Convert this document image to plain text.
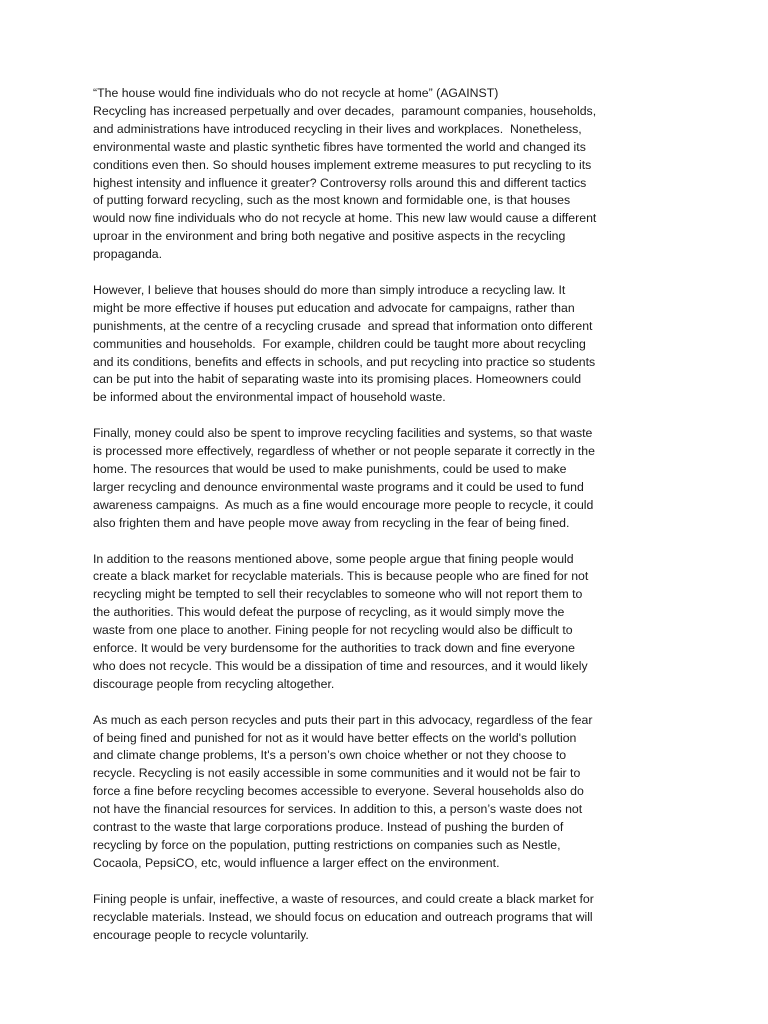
“The house would fine individuals who do not recycle at home” (AGAINST)
Recycling has increased perpetually and over decades,  paramount companies, households,
and administrations have introduced recycling in their lives and workplaces.  Nonetheless,
environmental waste and plastic synthetic fibres have tormented the world and changed its
conditions even then. So should houses implement extreme measures to put recycling to its
highest intensity and influence it greater? Controversy rolls around this and different tactics
of putting forward recycling, such as the most known and formidable one, is that houses
would now fine individuals who do not recycle at home. This new law would cause a different
uproar in the environment and bring both negative and positive aspects in the recycling
propaganda.
However, I believe that houses should do more than simply introduce a recycling law. It
might be more effective if houses put education and advocate for campaigns, rather than
punishments, at the centre of a recycling crusade  and spread that information onto different
communities and households.  For example, children could be taught more about recycling
and its conditions, benefits and effects in schools, and put recycling into practice so students
can be put into the habit of separating waste into its promising places. Homeowners could
be informed about the environmental impact of household waste.
Finally, money could also be spent to improve recycling facilities and systems, so that waste
is processed more effectively, regardless of whether or not people separate it correctly in the
home. The resources that would be used to make punishments, could be used to make
larger recycling and denounce environmental waste programs and it could be used to fund
awareness campaigns.  As much as a fine would encourage more people to recycle, it could
also frighten them and have people move away from recycling in the fear of being fined.
In addition to the reasons mentioned above, some people argue that fining people would
create a black market for recyclable materials. This is because people who are fined for not
recycling might be tempted to sell their recyclables to someone who will not report them to
the authorities. This would defeat the purpose of recycling, as it would simply move the
waste from one place to another. Fining people for not recycling would also be difficult to
enforce. It would be very burdensome for the authorities to track down and fine everyone
who does not recycle. This would be a dissipation of time and resources, and it would likely
discourage people from recycling altogether.
As much as each person recycles and puts their part in this advocacy, regardless of the fear
of being fined and punished for not as it would have better effects on the world's pollution
and climate change problems, It's a person’s own choice whether or not they choose to
recycle. Recycling is not easily accessible in some communities and it would not be fair to
force a fine before recycling becomes accessible to everyone. Several households also do
not have the financial resources for services. In addition to this, a person’s waste does not
contrast to the waste that large corporations produce. Instead of pushing the burden of
recycling by force on the population, putting restrictions on companies such as Nestle,
Cocaola, PepsiCO, etc, would influence a larger effect on the environment.
Fining people is unfair, ineffective, a waste of resources, and could create a black market for
recyclable materials. Instead, we should focus on education and outreach programs that will
encourage people to recycle voluntarily.
